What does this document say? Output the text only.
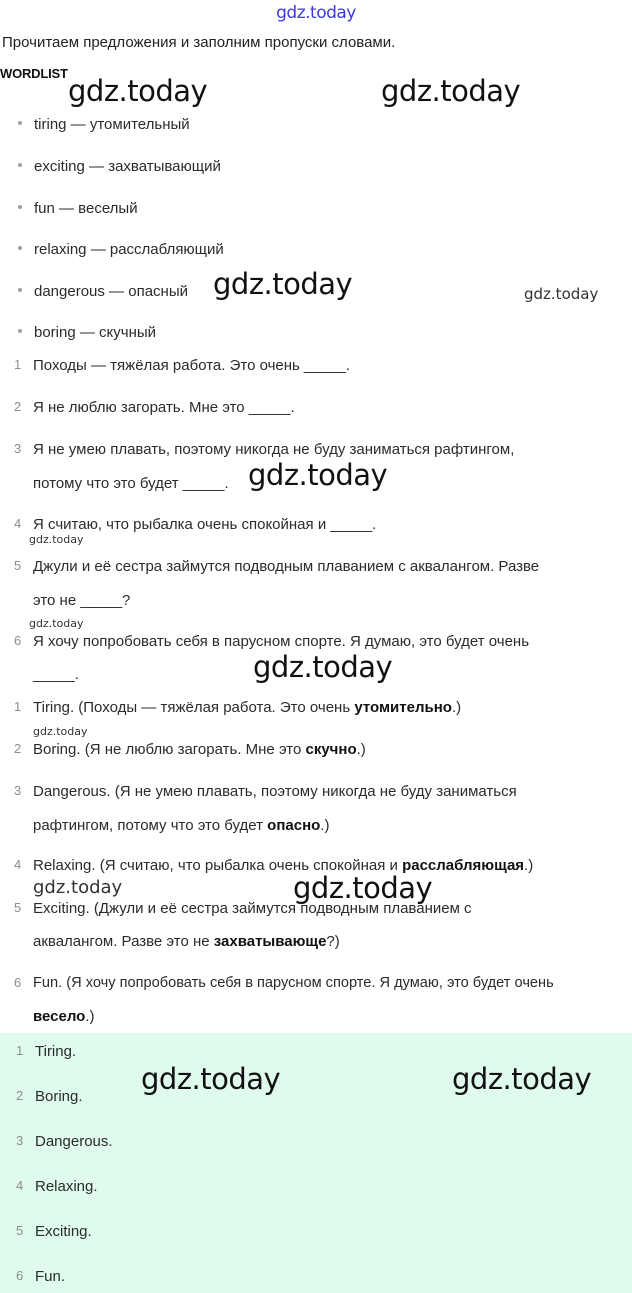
gdz.today
Прочитаем предложения и заполним пропуски словами.
WORDLIST
gdz.today	gdz.today
gdz.today	gdz.today
gdz.today
gdz.today
gdz.today
gdz.today
gdz.today
gdz.today	gdz.today
tiring — утомительный
exciting — захватывающий
fun — веселый
relaxing — расслабляющий
dangerous — опасный
boring — скучный
1 Походы — тяжёлая работа. Это очень _____.
2 Я не люблю загорать. Мне это _____.
3 Я не умею плавать, поэтому никогда не буду заниматься рафтингом,
потому что это будет _____.
4 Я считаю, что рыбалка очень спокойная и _____.
5 Джули и её сестра займутся подводным плаванием с аквалангом. Разве
это не _____?
6 Я хочу попробовать себя в парусном спорте. Я думаю, это будет очень
_____.
1 Tiring. (Походы — тяжёлая работа. Это очень утомительно.)
2 Boring. (Я не люблю загорать. Мне это скучно.)
3 Dangerous. (Я не умею плавать, поэтому никогда не буду заниматься
рафтингом, потому что это будет опасно.)
4 Relaxing. (Я считаю, что рыбалка очень спокойная и расслабляющая.)
5 Exciting. (Джули и её сестра займутся подводным плаванием с
аквалангом. Разве это не захватывающе?)
6 Fun. (Я хочу попробовать себя в парусном спорте. Я думаю, это будет очень
весело.)
1 Tiring.
2 Boring.
3 Dangerous.
4 Relaxing.
5 Exciting.
6 Fun.
gdz.today	gdz.today
